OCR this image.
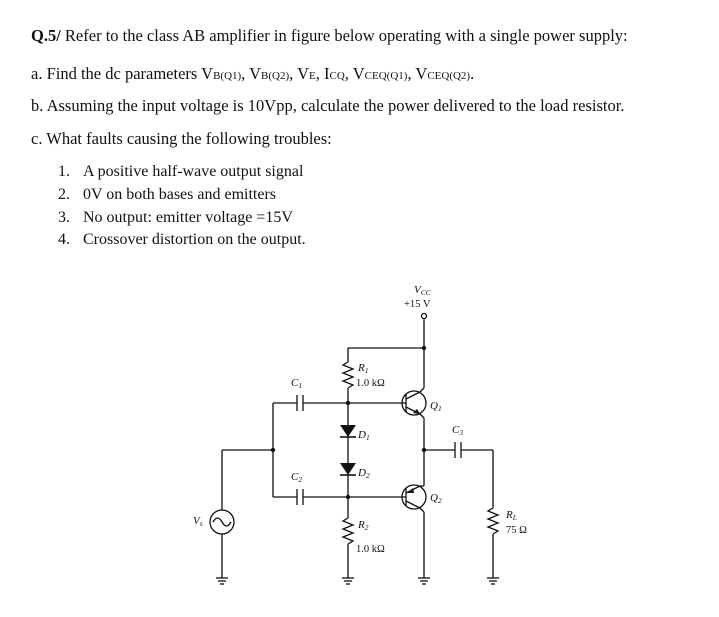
Q.5/ Refer to the class AB amplifier in figure below operating with a single power supply:
a. Find the dc parameters VB(Q1), VB(Q2), VE, ICQ, VCEQ(Q1), VCEQ(Q2).
b. Assuming the input voltage is 10Vpp, calculate the power delivered to the load resistor.
c. What faults causing the following troubles:
1. A positive half-wave output signal
2. 0V on both bases and emitters
3. No output: emitter voltage =15V
4. Crossover distortion on the output.
VCC
+15 V
R1
1.0 kΩ
C1
C2
C3
D1
D2
Q1
Q2
R2
1.0 kΩ
RL
75 Ω
Vs
